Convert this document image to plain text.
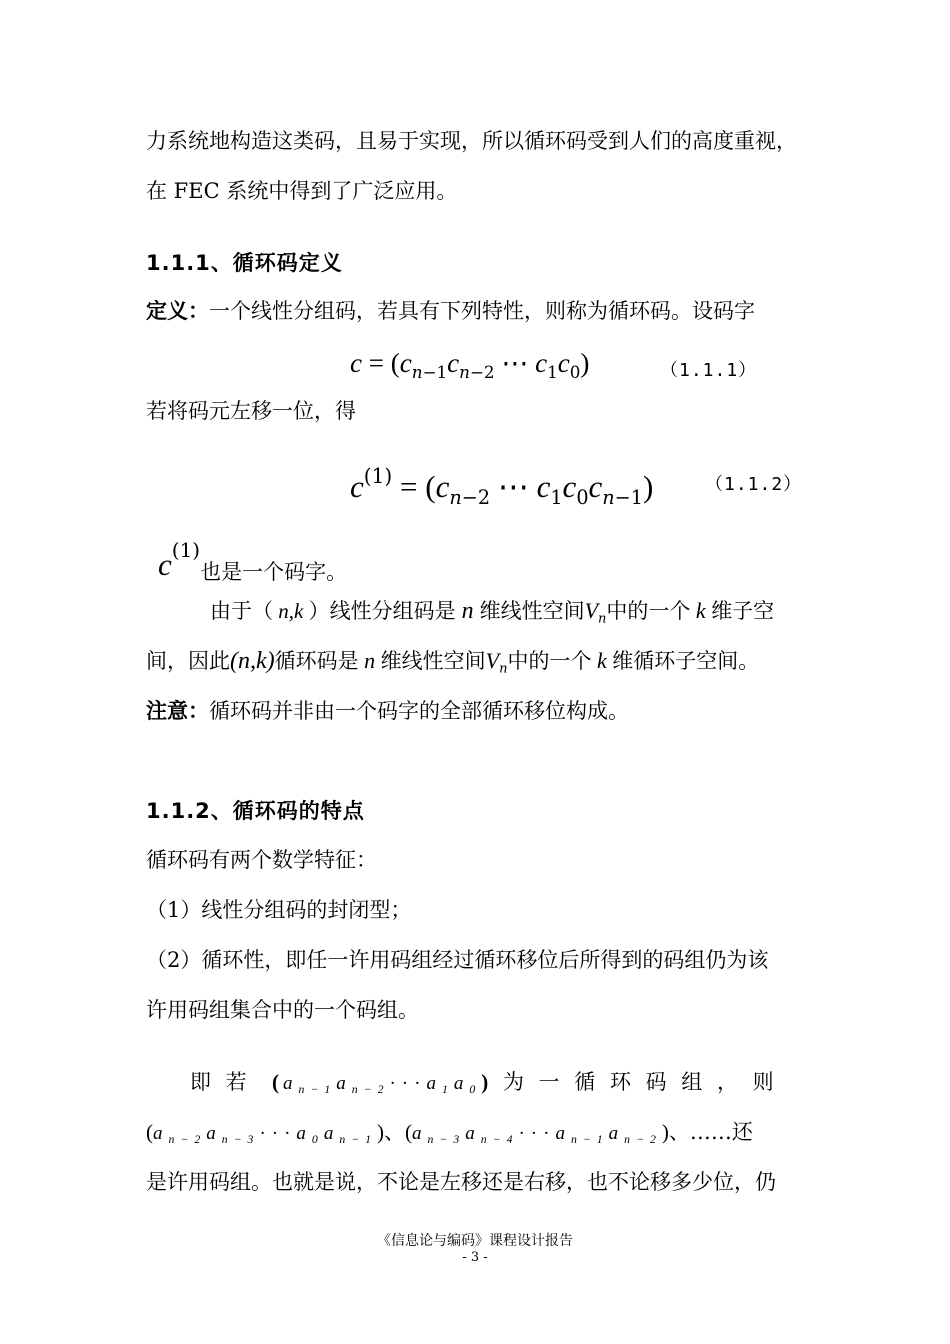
力系统地构造这类码，且易于实现，所以循环码受到人们的高度重视，
在 FEC 系统中得到了广泛应用。
1.1.1、循环码定义
定义：一个线性分组码，若具有下列特性，则称为循环码。设码字
$c = (c_{n-1}c_{n-2}$ ⋯ $c_1c_0$)	（1.1.1）
若将码元左移一位，得
$c^{(1)} = (c_{n-2}$ ⋯ $c_1c_0c_{n-1}$)	（1.1.2）
c(1)也是一个码字。
由于（ n,k ）线性分组码是 n 维线性空间$V_n$中的一个 k 维子空
间，因此(n,k)循环码是 n 维线性空间$V_n$中的一个 k 维循环子空间。
注意：循环码并非由一个码字的全部循环移位构成。
1.1.2、循环码的特点
循环码有两个数学特征：
（1）线性分组码的封闭型；
（2）循环性，即任一许用码组经过循环移位后所得到的码组仍为该
许用码组集合中的一个码组。
即 若 $(a_{n-1}a_{n-2}\cdot\cdot\cdot a_1a_0)$ 为 一 循 环 码 组 ， 则
$(a_{n-2}a_{n-3}\cdot\cdot\cdot a_0a_{n-1})$、$(a_{n-3}a_{n-4}\cdot\cdot\cdot a_{n-1}a_{n-2})$、……还
是许用码组。也就是说，不论是左移还是右移，也不论移多少位，仍
《信息论与编码》课程设计报告
- 3 -
